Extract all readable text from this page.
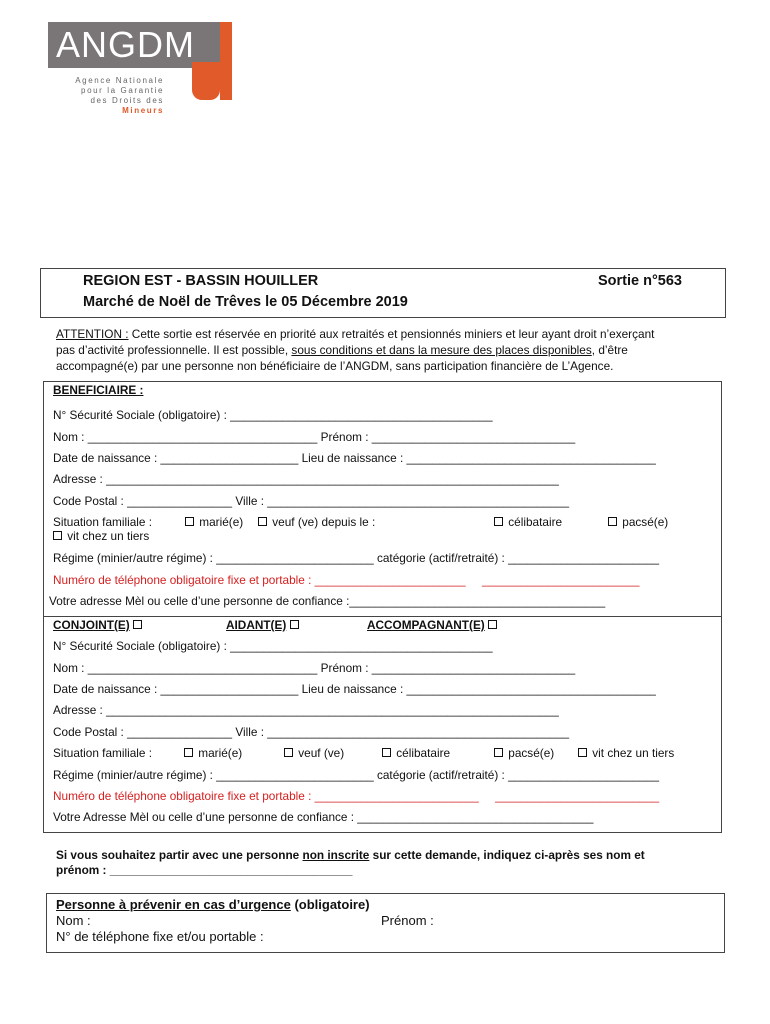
ANGDM
Agence Nationale
pour la Garantie
des Droits des Mineurs
REGION EST - BASSIN HOUILLER	Sortie n°563
Marché de Noël de Trêves le 05 Décembre 2019
ATTENTION : Cette sortie est réservée en priorité aux retraités et pensionnés miniers et leur ayant droit n’exerçant
pas d’activité professionnelle. Il est possible, sous conditions et dans la mesure des places disponibles, d’être
accompagné(e) par une personne non bénéficiaire de l’ANGDM, sans participation financière de L’Agence.
BENEFICIAIRE :
N° Sécurité Sociale (obligatoire) : ________________________________________
Nom : ___________________________________ Prénom : _______________________________
Date de naissance : _____________________ Lieu de naissance : ______________________________________
Adresse : _____________________________________________________________________
Code Postal : ________________ Ville : ______________________________________________
Situation familiale :	marié(e)	veuf (ve) depuis le :	célibataire	pacsé(e)
vit chez un tiers
Régime (minier/autre régime) : ________________________ catégorie (actif/retraité) : _______________________
Numéro de téléphone obligatoire fixe et portable : _______________________     ________________________
Votre adresse Mèl ou celle d’une personne de confiance :_______________________________________
CONJOINT(E)	AIDANT(E)	ACCOMPAGNANT(E)
N° Sécurité Sociale (obligatoire) : ________________________________________
Nom : ___________________________________ Prénom : _______________________________
Date de naissance : _____________________ Lieu de naissance : ______________________________________
Adresse : _____________________________________________________________________
Code Postal : ________________ Ville : ______________________________________________
Situation familiale :	marié(e)	veuf (ve)	célibataire	pacsé(e)	vit chez un tiers
Régime (minier/autre régime) : ________________________ catégorie (actif/retraité) : _______________________
Numéro de téléphone obligatoire fixe et portable : _________________________     _________________________
Votre Adresse Mèl ou celle d’une personne de confiance : ____________________________________
Si vous souhaitez partir avec une personne non inscrite sur cette demande, indiquez ci-après ses nom et
prénom : _____________________________________
Personne à prévenir en cas d’urgence (obligatoire)
Nom :	Prénom :
N° de téléphone fixe et/ou portable :
